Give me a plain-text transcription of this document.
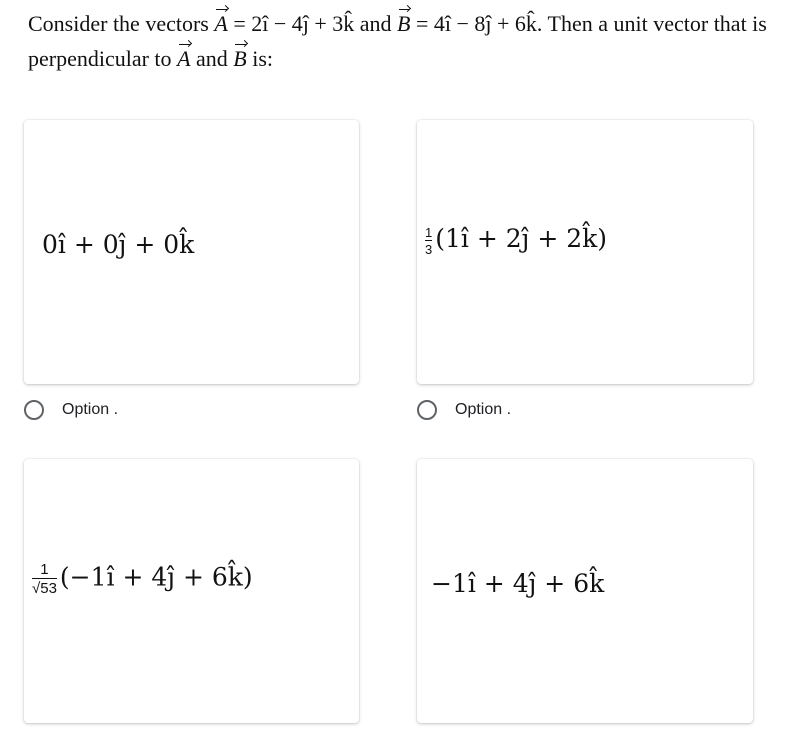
Consider the vectors A = 2î − 4ĵ + 3k̂ and B = 4î − 8ĵ + 6k̂. Then a unit vector that is perpendicular to A and B is:
0î + 0ĵ + 0k̂	$\frac{1}{3}$ (1î + 2ĵ + 2k̂)
Option .	Option .
$\frac{1}{√53}$ (−1î + 4ĵ + 6k̂)	−1î + 4ĵ + 6k̂
